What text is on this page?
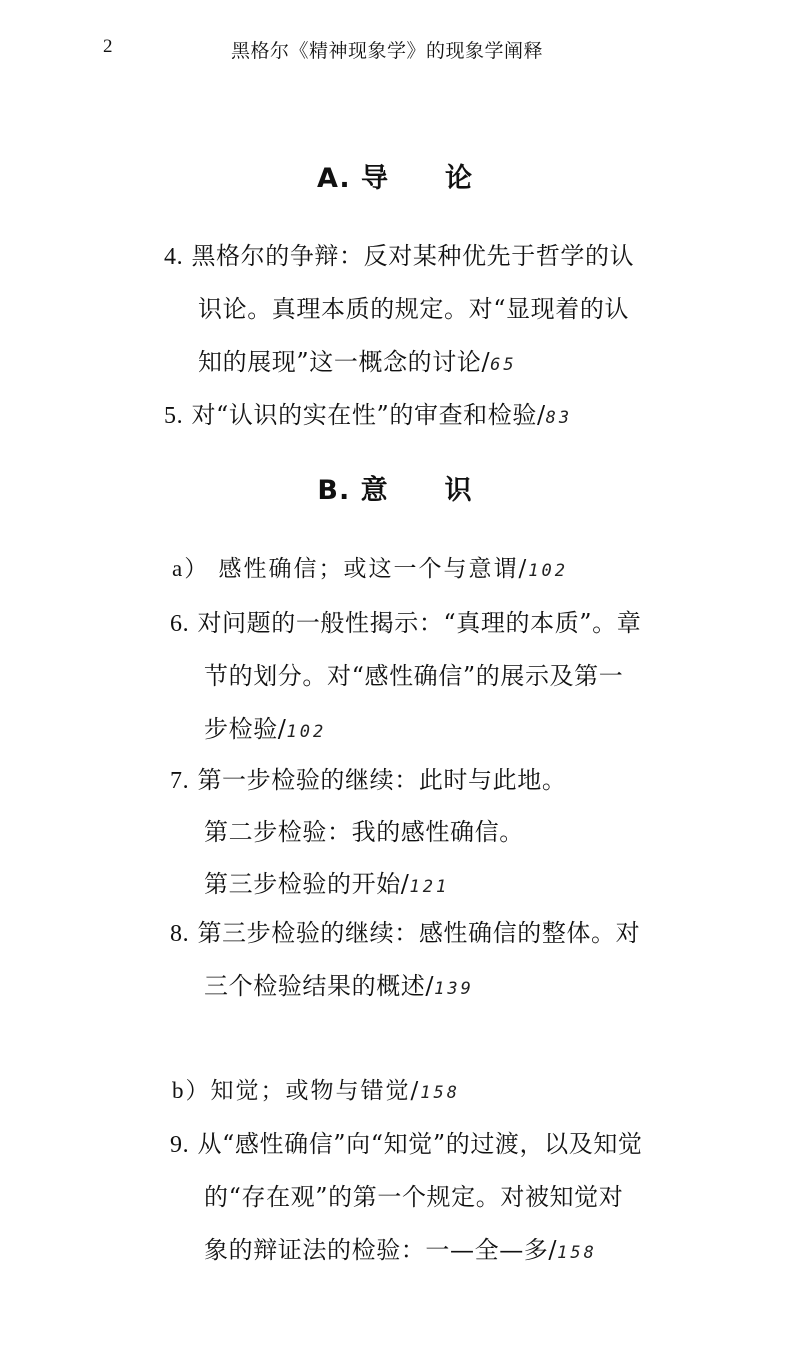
2	黑格尔《精神现象学》的现象学阐释
A. 导 论
4. 黑格尔的争辩：反对某种优先于哲学的认
识论。真理本质的规定。对“显现着的认
知的展现”这一概念的讨论/65
5. 对“认识的实在性”的审查和检验/83
B. 意 识
a） 感性确信；或这一个与意谓/102
6. 对问题的一般性揭示：“真理的本质”。章
节的划分。对“感性确信”的展示及第一
步检验/102
7. 第一步检验的继续：此时与此地。
第二步检验：我的感性确信。
第三步检验的开始/121
8. 第三步检验的继续：感性确信的整体。对
三个检验结果的概述/139
b）知觉；或物与错觉/158
9. 从“感性确信”向“知觉”的过渡，以及知觉
的“存在观”的第一个规定。对被知觉对
象的辩证法的检验：一—全—多/158
